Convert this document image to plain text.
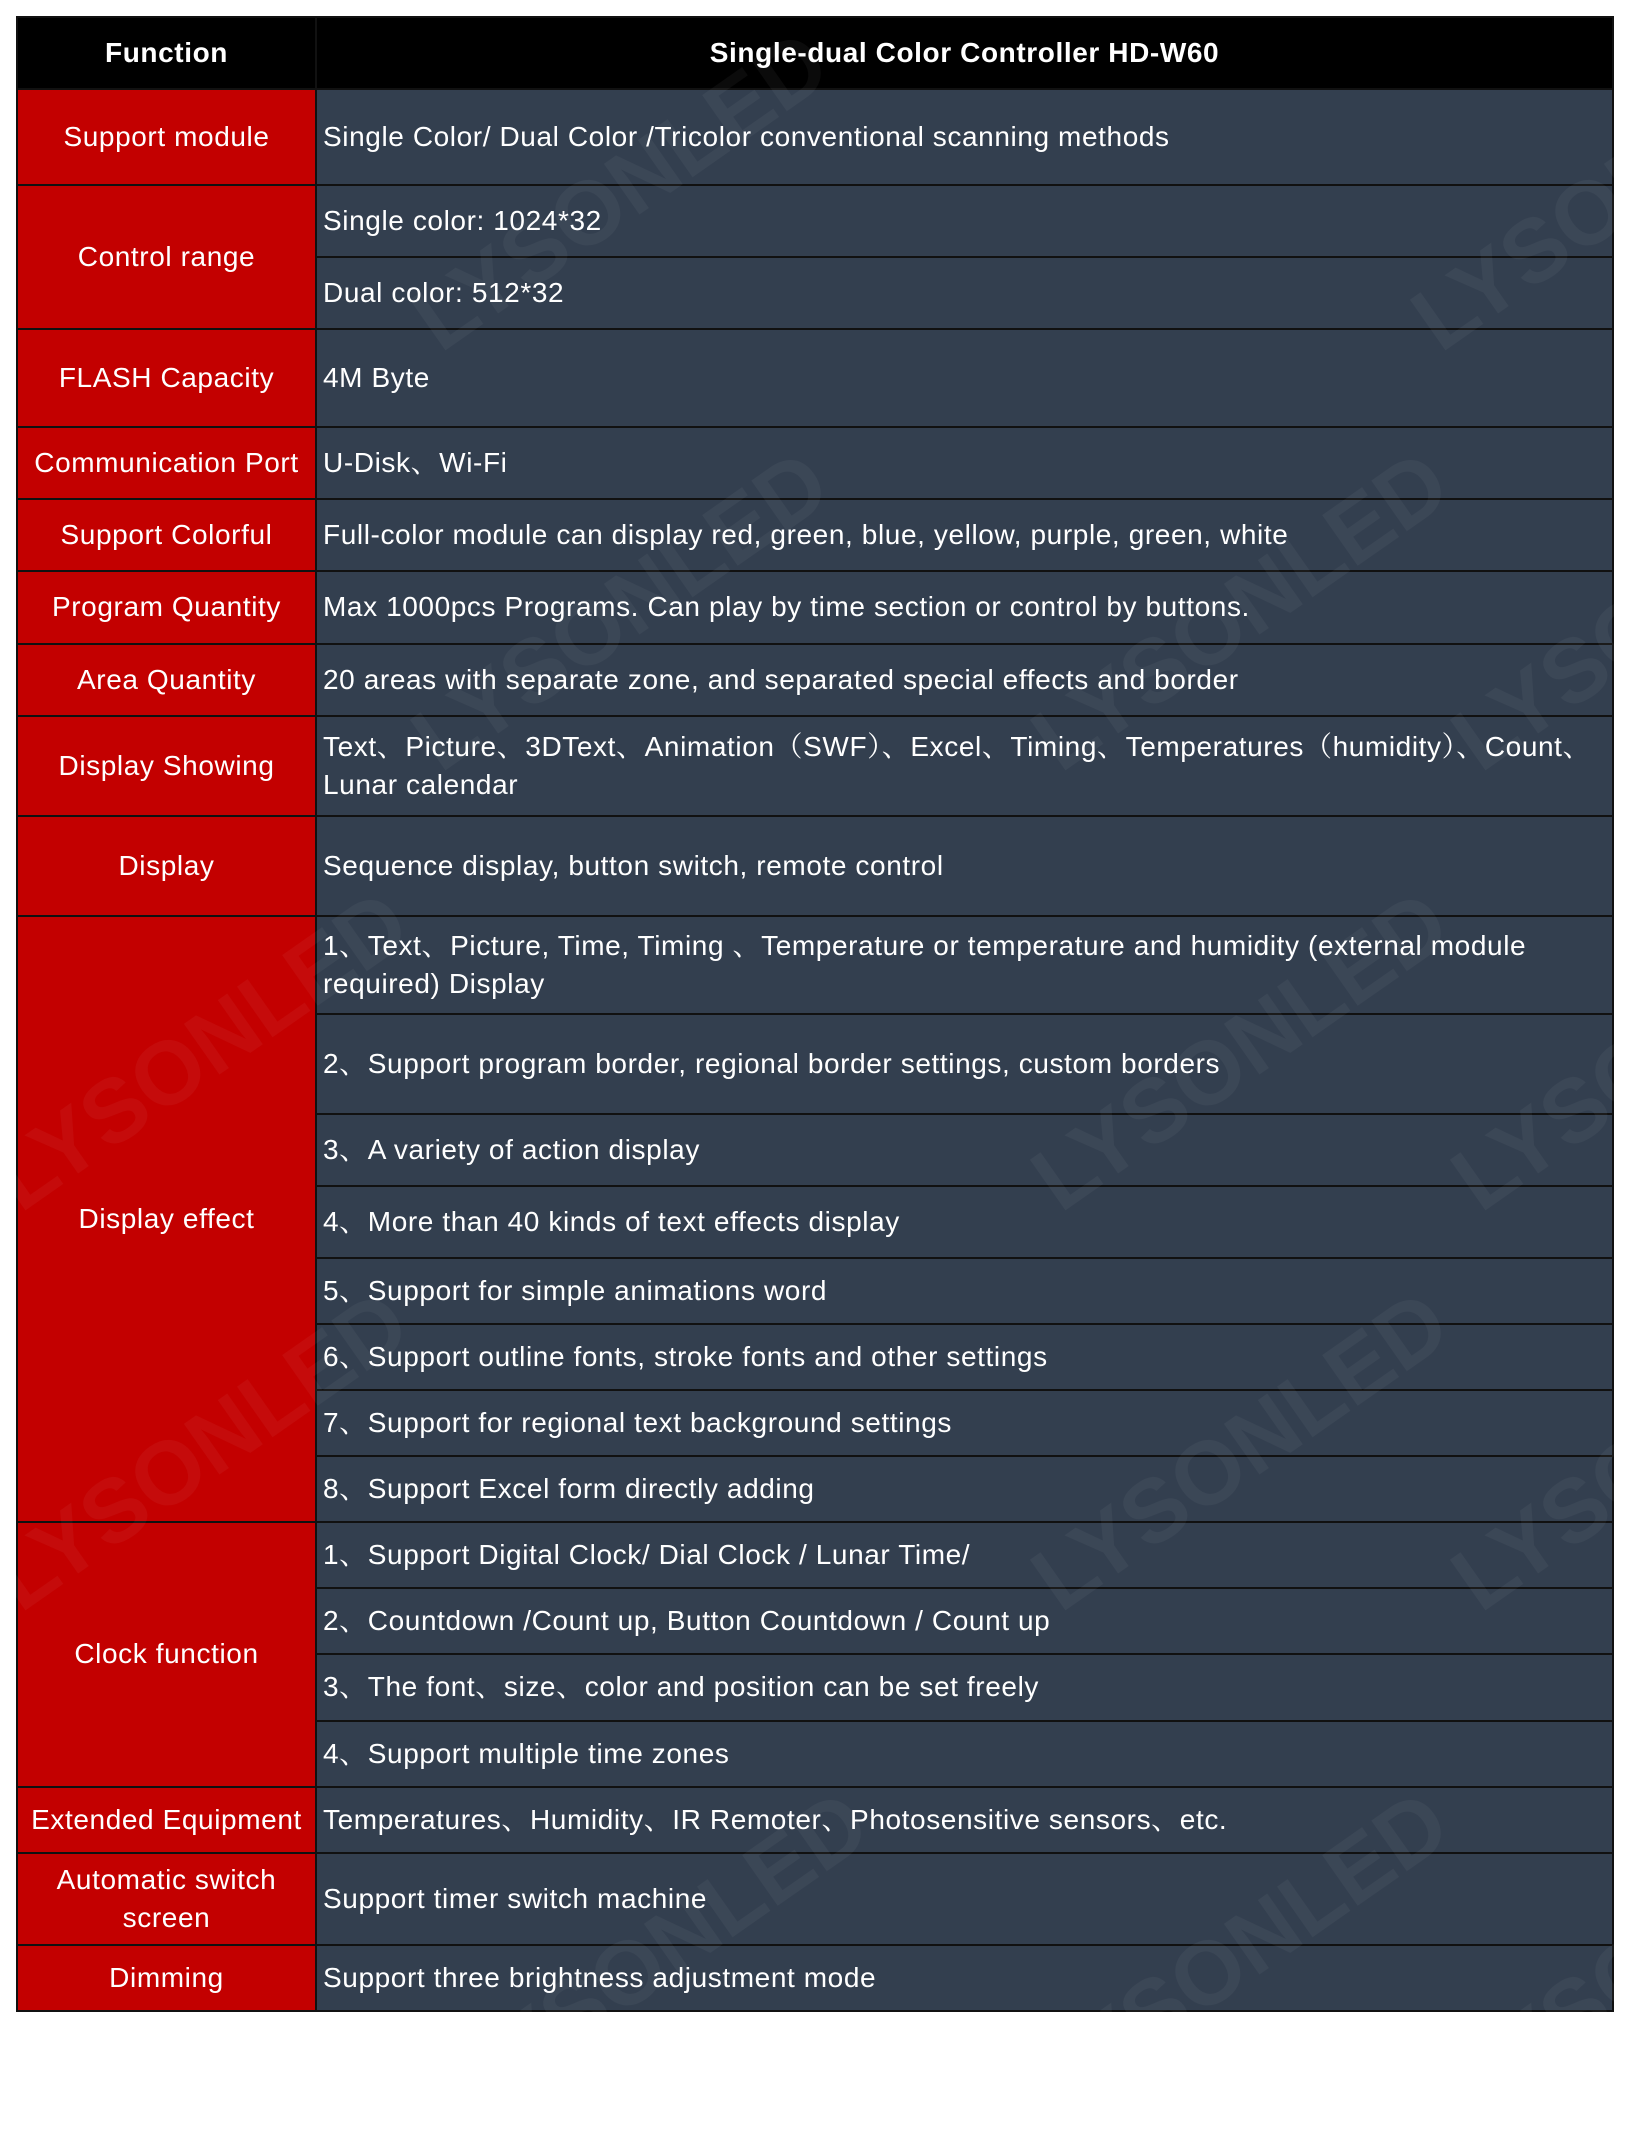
Function	Single-dual Color Controller HD-W60
Support module	Single Color/ Dual Color /Tricolor conventional scanning methods
Control range	Single color: 1024*32
	Dual color: 512*32
FLASH Capacity	4M Byte
Communication Port	U-Disk、Wi-Fi
Support Colorful	Full-color module can display red, green, blue, yellow, purple, green, white
Program Quantity	Max 1000pcs Programs. Can play by time section or control by buttons.
Area Quantity	20 areas with separate zone, and separated special effects and border
Display Showing	Text、Picture、3DText、Animation（SWF）、Excel、Timing、Temperatures（humidity）、Count、Lunar calendar
Display	Sequence display, button switch, remote control
Display effect	1、Text、Picture, Time, Timing 、Temperature or temperature and humidity (external module required) Display
	2、Support program border, regional border settings, custom borders
	3、A variety of action display
	4、More than 40 kinds of text effects display
	5、Support for simple animations word
	6、Support outline fonts, stroke fonts and other settings
	7、Support for regional text background settings
	8、Support Excel form directly adding
Clock function	1、Support Digital Clock/ Dial Clock / Lunar Time/
	2、Countdown /Count up, Button Countdown / Count up
	3、The font、size、color and position can be set freely
	4、Support multiple time zones
Extended Equipment	Temperatures、Humidity、IR Remoter、Photosensitive sensors、etc.
Automatic switch screen	Support timer switch machine
Dimming	Support three brightness adjustment mode
